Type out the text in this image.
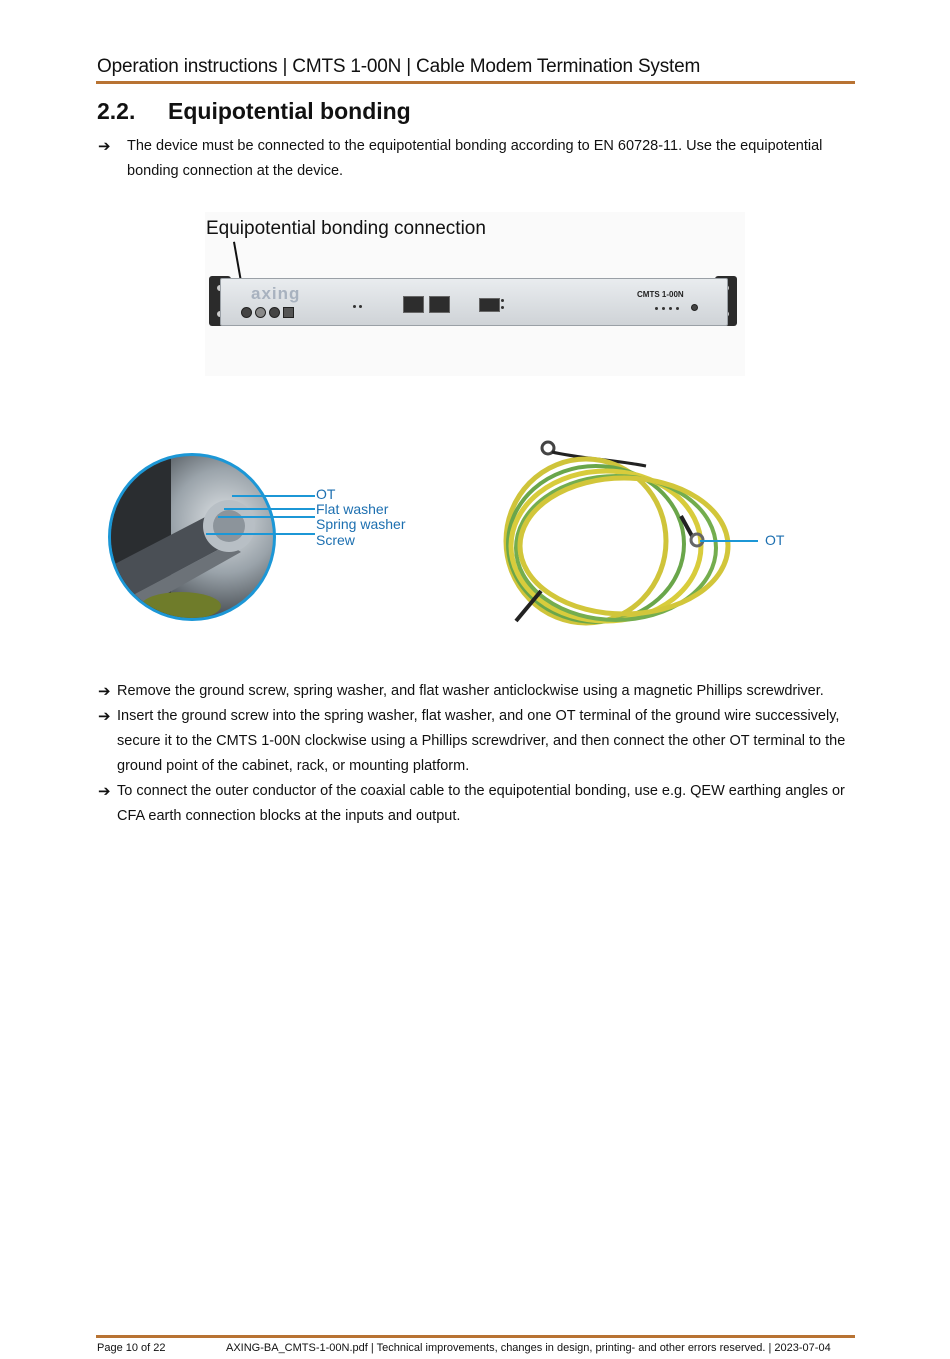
Operation instructions | CMTS 1-00N | Cable Modem Termination System
2.2. Equipotential bonding
➔ The device must be connected to the equipotential bonding according to EN 60728-11. Use the equipotential bonding connection at the device.
Equipotential bonding connection
axing	CMTS 1-00N
OT
Flat washer
Spring washer
Screw	OT
➔ Remove the ground screw, spring washer, and flat washer anticlockwise using a magnetic Phillips screwdriver.
➔ Insert the ground screw into the spring washer, flat washer, and one OT terminal of the ground wire successively, secure it to the CMTS 1-00N clockwise using a Phillips screwdriver, and then connect the other OT terminal to the ground point of the cabinet, rack, or mounting platform.
➔ To connect the outer conductor of the coaxial cable to the equipotential bonding, use e.g. QEW earthing angles or CFA earth connection blocks at the inputs and output.
Page 10 of 22	AXING-BA_CMTS-1-00N.pdf | Technical improvements, changes in design, printing- and other errors reserved. | 2023-07-04
